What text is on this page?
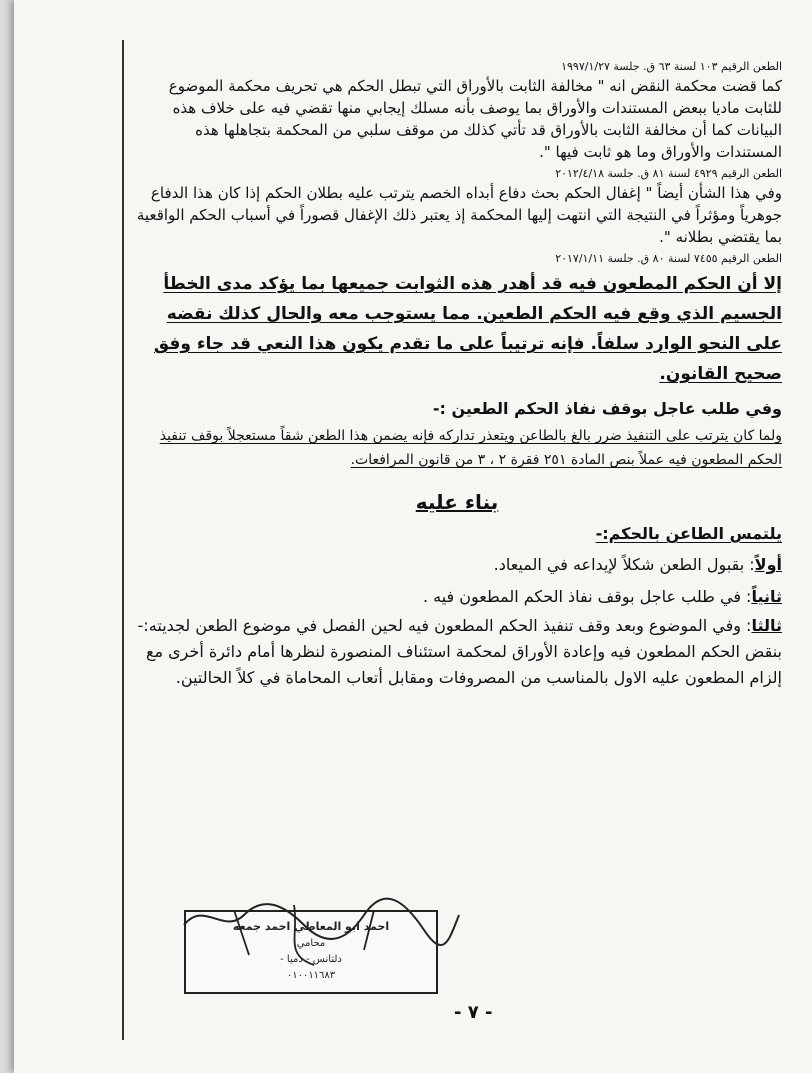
الطعن الرقيم ١٠٣ لسنة ٦٣ ق. جلسة ١٩٩٧/١/٢٧

كما قضت محكمة النقض انه " مخالفة الثابت بالأوراق التي تبطل الحكم هي تحريف محكمة الموضوع للثابت ماديا ببعض المستندات والأوراق بما يوصف بأنه مسلك إيجابي منها تقضي فيه على خلاف هذه البيانات كما أن مخالفة الثابت بالأوراق قد تأتي كذلك من موقف سلبي من المحكمة بتجاهلها هذه المستندات والأوراق وما هو ثابت فيها ".

الطعن الرقيم ٤٩٢٩ لسنة ٨١ ق. جلسة ٢٠١٢/٤/١٨

وفي هذا الشأن أيضاً " إغفال الحكم بحث دفاع أبداه الخصم يترتب عليه بطلان الحكم إذا كان هذا الدفاع جوهرياً ومؤثراً في النتيجة التي انتهت إليها المحكمة إذ يعتبر ذلك الإغفال قصوراً في أسباب الحكم الواقعية بما يقتضي بطلانه ".

الطعن الرقيم ٧٤٥٥ لسنة ٨٠ ق. جلسة ٢٠١٧/١/١١

إلا أن الحكم المطعون فيه قد أهدر هذه الثوابت جميعها بما يؤكد مدى الخطأ الجسيم الذي وقع فيه الحكم الطعين. مما يستوجب معه والحال كذلك نقضه على النحو الوارد سلفاً. فإنه ترتيباً على ما تقدم يكون هذا النعي قد جاء وفق صحيح القانون.

وفي طلب عاجل بوقف نفاذ الحكم الطعين :-

ولما كان يترتب على التنفيذ ضرر بالغ بالطاعن ويتعذر تداركه فإنه يضمن هذا الطعن شقاً مستعجلاً بوقف تنفيذ الحكم المطعون فيه عملاً بنص المادة ٢٥١ فقرة ٢ ، ٣ من قانون المرافعات.

بناء عليه
يلتمس الطاعن بالحكم:-
أولاً: بقبول الطعن شكلاً لإيداعه في الميعاد.
ثانياً: في طلب عاجل بوقف نفاذ الحكم المطعون فيه .
ثالثا: وفي الموضوع وبعد وقف تنفيذ الحكم المطعون فيه لحين الفصل في موضوع الطعن لجديته:- بنقض الحكم المطعون فيه وإعادة الأوراق لمحكمة استئناف المنصورة لنظرها أمام دائرة أخرى مع إلزام المطعون عليه الاول بالمناسب من المصروفات ومقابل أتعاب المحاماة في كلاً الحالتين.
احمد ابو المعاطي احمد جمعه
محامي
دلتانس - دميا -
٠١٠٠١١٦٨٣
- ٧ -
